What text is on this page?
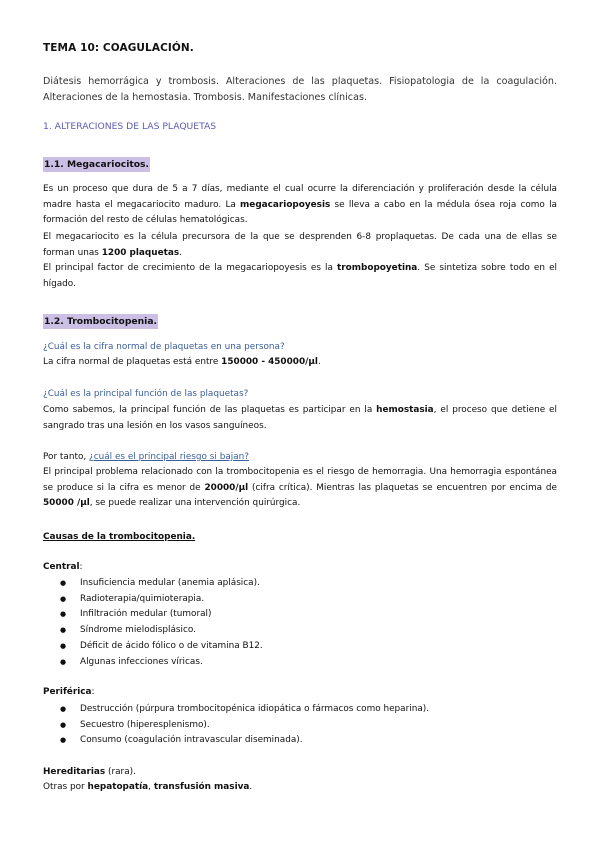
TEMA 10: COAGULACIÓN.
Diátesis hemorrágica y trombosis. Alteraciones de las plaquetas. Fisiopatologia de la coagulación. Alteraciones de la hemostasia. Trombosis. Manifestaciones clínicas.
1. ALTERACIONES DE LAS PLAQUETAS
1.1. Megacariocitos.
Es un proceso que dura de 5 a 7 días, mediante el cual ocurre la diferenciación y proliferación desde la célula madre hasta el megacariocito maduro. La megacariopoyesis se lleva a cabo en la médula ósea roja como la formación del resto de células hematológicas.
El megacariocito es la célula precursora de la que se desprenden 6-8 proplaquetas. De cada una de ellas se forman unas 1200 plaquetas.
El principal factor de crecimiento de la megacariopoyesis es la trombopoyetina. Se sintetiza sobre todo en el hígado.
1.2. Trombocitopenia.
¿Cuál es la cifra normal de plaquetas en una persona?
La cifra normal de plaquetas está entre 150000 - 450000/µl.
¿Cuál es la principal función de las plaquetas?
Como sabemos, la principal función de las plaquetas es participar en la hemostasia, el proceso que detiene el sangrado tras una lesión en los vasos sanguíneos.
Por tanto, ¿cuál es el principal riesgo si bajan?
El principal problema relacionado con la trombocitopenia es el riesgo de hemorragia. Una hemorragia espontánea se produce si la cifra es menor de 20000/µl (cifra crítica). Mientras las plaquetas se encuentren por encima de 50000 /µl, se puede realizar una intervención quirúrgica.
Causas de la trombocitopenia.
Central:
● Insuficiencia medular (anemia aplásica).
● Radioterapia/quimioterapia.
● Infiltración medular (tumoral)
● Síndrome mielodisplásico.
● Déficit de ácido fólico o de vitamina B12.
● Algunas infecciones víricas.
Periférica:
● Destrucción (púrpura trombocitopénica idiopática o fármacos como heparina).
● Secuestro (hiperesplenismo).
● Consumo (coagulación intravascular diseminada).
Hereditarias (rara).
Otras por hepatopatía, transfusión masiva.
